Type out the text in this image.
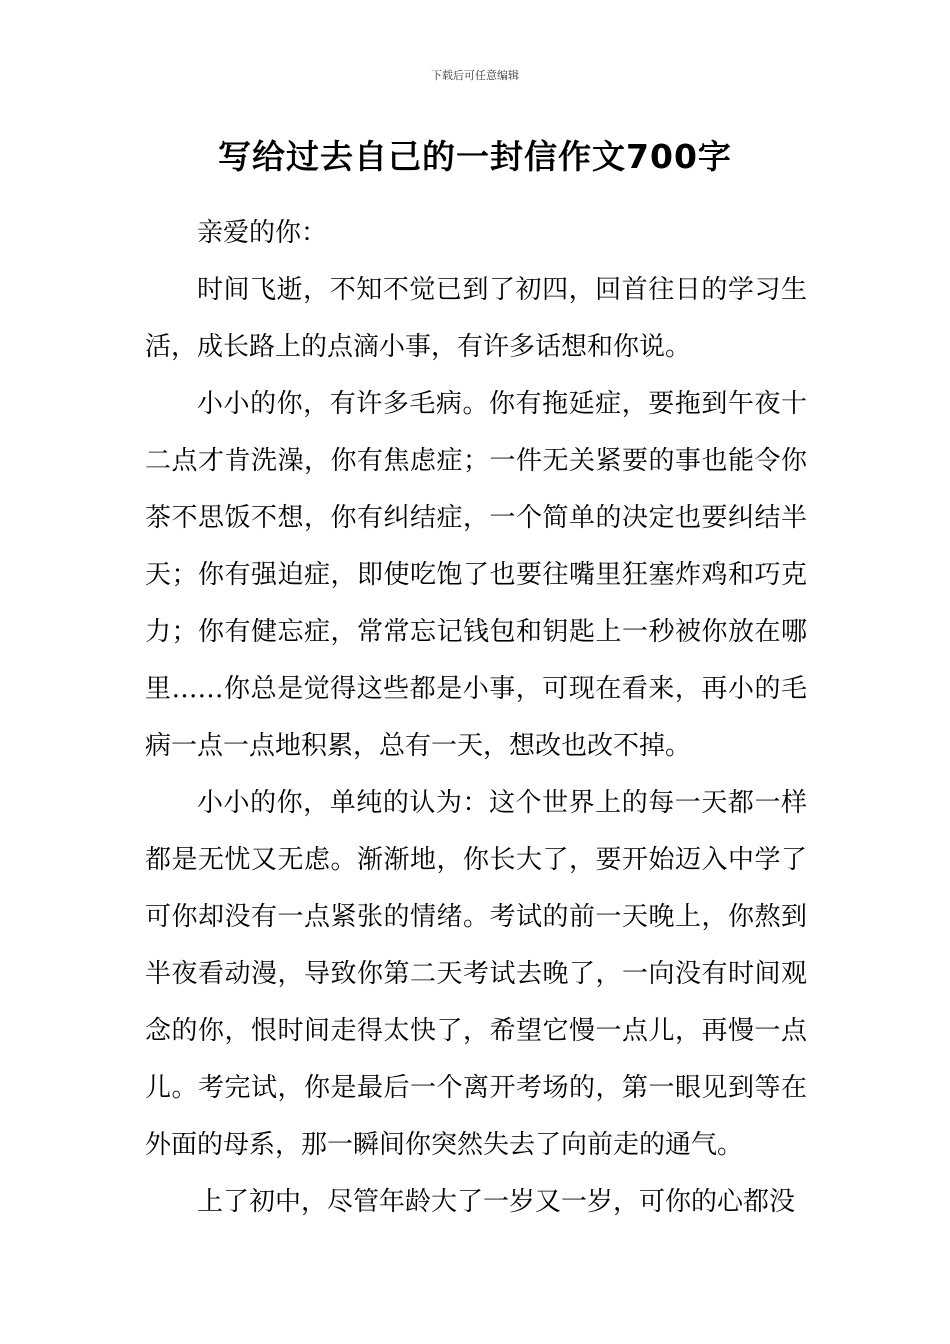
下载后可任意编辑
写给过去自己的一封信作文700字
亲爱的你：

时间飞逝，不知不觉已到了初四，回首往日的学习生活，成长路上的点滴小事，有许多话想和你说。

小小的你，有许多毛病。你有拖延症，要拖到午夜十二点才肯洗澡，你有焦虑症；一件无关紧要的事也能令你茶不思饭不想，你有纠结症，一个简单的决定也要纠结半天；你有强迫症，即使吃饱了也要往嘴里狂塞炸鸡和巧克力；你有健忘症，常常忘记钱包和钥匙上一秒被你放在哪里……你总是觉得这些都是小事，可现在看来，再小的毛病一点一点地积累，总有一天，想改也改不掉。

小小的你，单纯的认为：这个世界上的每一天都一样都是无忧又无虑。渐渐地，你长大了，要开始迈入中学了可你却没有一点紧张的情绪。考试的前一天晚上，你熬到半夜看动漫，导致你第二天考试去晚了，一向没有时间观念的你，恨时间走得太快了，希望它慢一点儿，再慢一点儿。考完试，你是最后一个离开考场的，第一眼见到等在外面的母系，那一瞬间你突然失去了向前走的通气。

上了初中，尽管年龄大了一岁又一岁，可你的心都没
